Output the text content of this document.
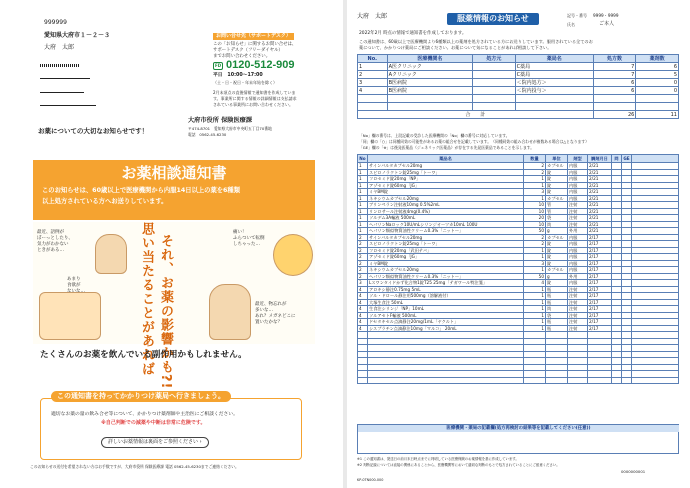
999999
愛知県大府市１－２－３
大府　太郎
お薬についての大切なお知らせです！
お問い合せ先（サポートデスク）
この「お知らせ」に関するお問い合せは、
サポートデスク（フリーダイヤル）
までお問い合わせください。
FD 0120-512-909
平日　10:00～17:00
（土・日・祝日・年末年始を除く）
2月末頃点の直後情報で通知書を作成していま
す。事業所に関する情報の詳細情報は支払請求
されている事業所にお問い合わせください。
大府市役所 保険医療課
〒474-8701　愛知県大府市中央町五丁目70番地
電話　0562-45-6230
お薬相談通知書
このお知らせは、60歳以上で医療機関から内服14日以上の薬を6種類
以上処方されている方へお送りしています。
最近、語例が
ぼーっとしたり、
気力がわかない
ときがある…
あまり
食欲が	思い当たることがあれば それ、お薬の影響かも?!
痛い！
ふらついて転倒
しちゃった…
最近、物忘れが
多いな…
あれ？メガネどこに
置いたかな？
たくさんのお薬を飲んでいる副作用かもしれません。
この通知書を持ってかかりつけ薬局へ行きましょう。
適切なお薬の量の飲み合せ等について、かかりつけ薬剤師や主治医にご相談ください。
※自己判断での減薬や中断は非常に危険です。
詳しいお薬情報は裏面をご参照ください ›
このお知らせの送付を希望されない方はお手数ですが、大府市役所 保険医療課 電話 0562-45-6230までご連絡ください。
大府　太郎	服薬情報のお知らせ	記号・番号 9999・9999
氏名	ご本人
2022年2月 時点の情報で通知書を作成しております。
この通知書は、60歳以上で医療機関より6種類以上の薬剤を処方されている方にお送りしています。服用されている全てのお
薬について、かかりつけ薬局にご相談ください。お薬について気になることがあれば相談して下さい。
No.	医療機関名	処方元	薬局名	処方数	薬剤数
1	A医クリニック		C薬局	7	6
2	Aクリニック		C薬局	7	5
3	B医病院		＜院内処方＞	6	0
4	B医病院		＜院内投与＞	6	0

合　　計				26	11
「No」欄の番号は、上段記載の受診した医療機関の「No」欄の番号に対応しています。
「同」欄の「○」は同種同効の可能性があるお薬の組合せを記載しています。（同種同効の組み合わせが複数ある場合は△となります）
「GE」欄の「※」は後発医薬品（ジェネリック医薬品）が存在する先発医薬品であることを示します。
No	薬品名	数量	単位	剤型	調剤月日	同	GE	
1	サインバルタカプセル20mg	2	カプセル	内服	2/21			
1	スピロノラクトン錠25mg「トーワ」	2	錠	内服	2/21			
1	フロセミド錠20mg「NP」	1	錠	内服	2/21			
1	アゾセミド錠60mg「JG」	1	錠	内服	2/21			
1	ミヤBM錠	3	錠	内服	2/21			
1	ネキシウムカプセル20mg	1	カプセル	内服	2/21			
1	ブリンペラン注射液10mg 0.5%2mL	10	管	注射	2/21			
1	リンロサール注射液4mg(0.4%)	10	管	注射	2/21			
1	ソルデム3A輸液 500mL	20	袋	注射	2/21			
1	ヘパリンNaロック10U/mLシリンジオーツカ10mL 100U	10	筒	注射	2/21			
1	ヘパリン類似物質油性クリーム0.3%「ニットー」	50	g	外用	2/21			
2	サインバルタカプセル20mg	2	カプセル	内服	2/17			
2	スピロノラクトン錠25mg「トーワ」	2	錠	内服	2/17			
2	フロセミド錠20mg「武田テバ」	1	錠	内服	2/17			
2	アゾセミド錠60mg「JG」	1	錠	内服	2/17			
2	ミヤBM錠	3	錠	内服	2/17			
2	ネキシウムカプセル20mg	1	カプセル	内服	2/17			
2	ヘパリン類似物質油性クリーム0.3%「ニットー」	50	g	外用	2/17			
3	Lスワンタイドかず化合物1錠T25 25mg「テガワール特注箋」	4	錠	内服	2/17			
4	アロキシ静注0.75mg 5mL	1	瓶	注射	2/17			
4	ソル・ドロール静注用500mg（溶解液付）	1	瓶	注射	2/17			
4	大塚生食注 50mL	1	瓶	注射	2/17			
4	生食注シリンジ「NP」10mL	1	筒	注射	2/17			
4	ソルアセトF輸液 500mL	1	袋	注射	2/17			
4	ドセタキセル点滴静注20mg/1mL「ヤクルト」	1	瓶	注射	2/17			
4	シスプラチン点滴静注10mg「マルコ」 20mL	1	瓶	注射	2/17			

医療機関・薬局の記載欄(処方再検討の結果等を記載してください(任意))
※1 この通知書は、発送日の前月末日時点までに判明している医療保険のお薬情報を基に作成しています。
※2 判断記録については直接の関係にあることから、医療機関等において適切な判断のもとで処方されていることにご留意ください。
0000000001
KP-0TN000-000
